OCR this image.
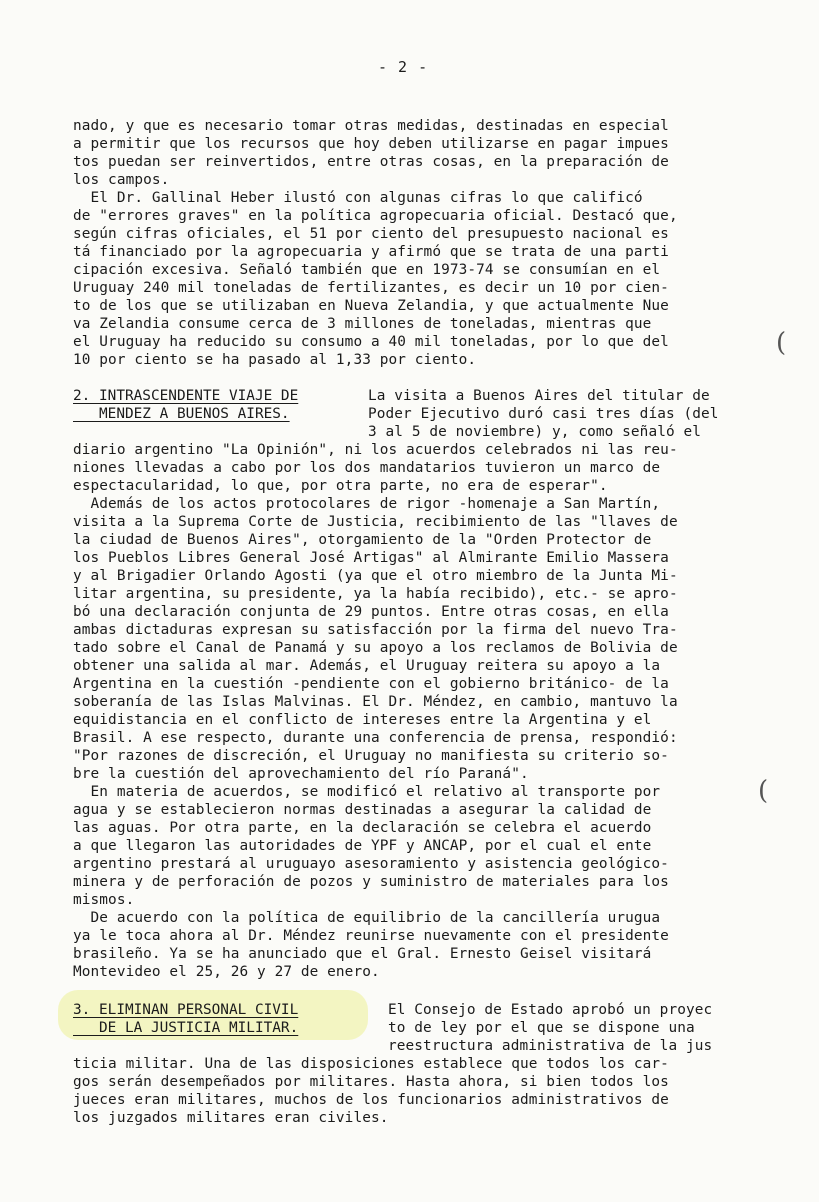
- 2 -
nado, y que es necesario tomar otras medidas, destinadas en especial
a permitir que los recursos que hoy deben utilizarse en pagar impues
tos puedan ser reinvertidos, entre otras cosas, en la preparación de
los campos.
El Dr. Gallinal Heber ilustó con algunas cifras lo que calificó
de "errores graves" en la política agropecuaria oficial. Destacó que,
según cifras oficiales, el 51 por ciento del presupuesto nacional es
tá financiado por la agropecuaria y afirmó que se trata de una parti
cipación excesiva. Señaló también que en 1973-74 se consumían en el
Uruguay 240 mil toneladas de fertilizantes, es decir un 10 por cien-
to de los que se utilizaban en Nueva Zelandia, y que actualmente Nue
va Zelandia consume cerca de 3 millones de toneladas, mientras que
el Uruguay ha reducido su consumo a 40 mil toneladas, por lo que del
10 por ciento se ha pasado al 1,33 por ciento.
(
2. INTRASCENDENTE VIAJE DE
MENDEZ A BUENOS AIRES.
La visita a Buenos Aires del titular de
Poder Ejecutivo duró casi tres días (del
3 al 5 de noviembre) y, como señaló el
diario argentino "La Opinión", ni los acuerdos celebrados ni las reu-
niones llevadas a cabo por los dos mandatarios tuvieron un marco de
espectacularidad, lo que, por otra parte, no era de esperar".
Además de los actos protocolares de rigor -homenaje a San Martín,
visita a la Suprema Corte de Justicia, recibimiento de las "llaves de
la ciudad de Buenos Aires", otorgamiento de la "Orden Protector de
los Pueblos Libres General José Artigas" al Almirante Emilio Massera
y al Brigadier Orlando Agosti (ya que el otro miembro de la Junta Mi-
litar argentina, su presidente, ya la había recibido), etc.- se apro-
bó una declaración conjunta de 29 puntos. Entre otras cosas, en ella
ambas dictaduras expresan su satisfacción por la firma del nuevo Tra-
tado sobre el Canal de Panamá y su apoyo a los reclamos de Bolivia de
obtener una salida al mar. Además, el Uruguay reitera su apoyo a la
Argentina en la cuestión -pendiente con el gobierno británico- de la
soberanía de las Islas Malvinas. El Dr. Méndez, en cambio, mantuvo la
equidistancia en el conflicto de intereses entre la Argentina y el
Brasil. A ese respecto, durante una conferencia de prensa, respondió:
"Por razones de discreción, el Uruguay no manifiesta su criterio so-
bre la cuestión del aprovechamiento del río Paraná".
En materia de acuerdos, se modificó el relativo al transporte por
agua y se establecieron normas destinadas a asegurar la calidad de
las aguas. Por otra parte, en la declaración se celebra el acuerdo
a que llegaron las autoridades de YPF y ANCAP, por el cual el ente
argentino prestará al uruguayo asesoramiento y asistencia geológico-
minera y de perforación de pozos y suministro de materiales para los
mismos.
De acuerdo con la política de equilibrio de la cancillería urugua
ya le toca ahora al Dr. Méndez reunirse nuevamente con el presidente
brasileño. Ya se ha anunciado que el Gral. Ernesto Geisel visitará
Montevideo el 25, 26 y 27 de enero.
(
3. ELIMINAN PERSONAL CIVIL
DE LA JUSTICIA MILITAR.
El Consejo de Estado aprobó un proyec
to de ley por el que se dispone una
reestructura administrativa de la jus
ticia militar. Una de las disposiciones establece que todos los car-
gos serán desempeñados por militares. Hasta ahora, si bien todos los
jueces eran militares, muchos de los funcionarios administrativos de
los juzgados militares eran civiles.
